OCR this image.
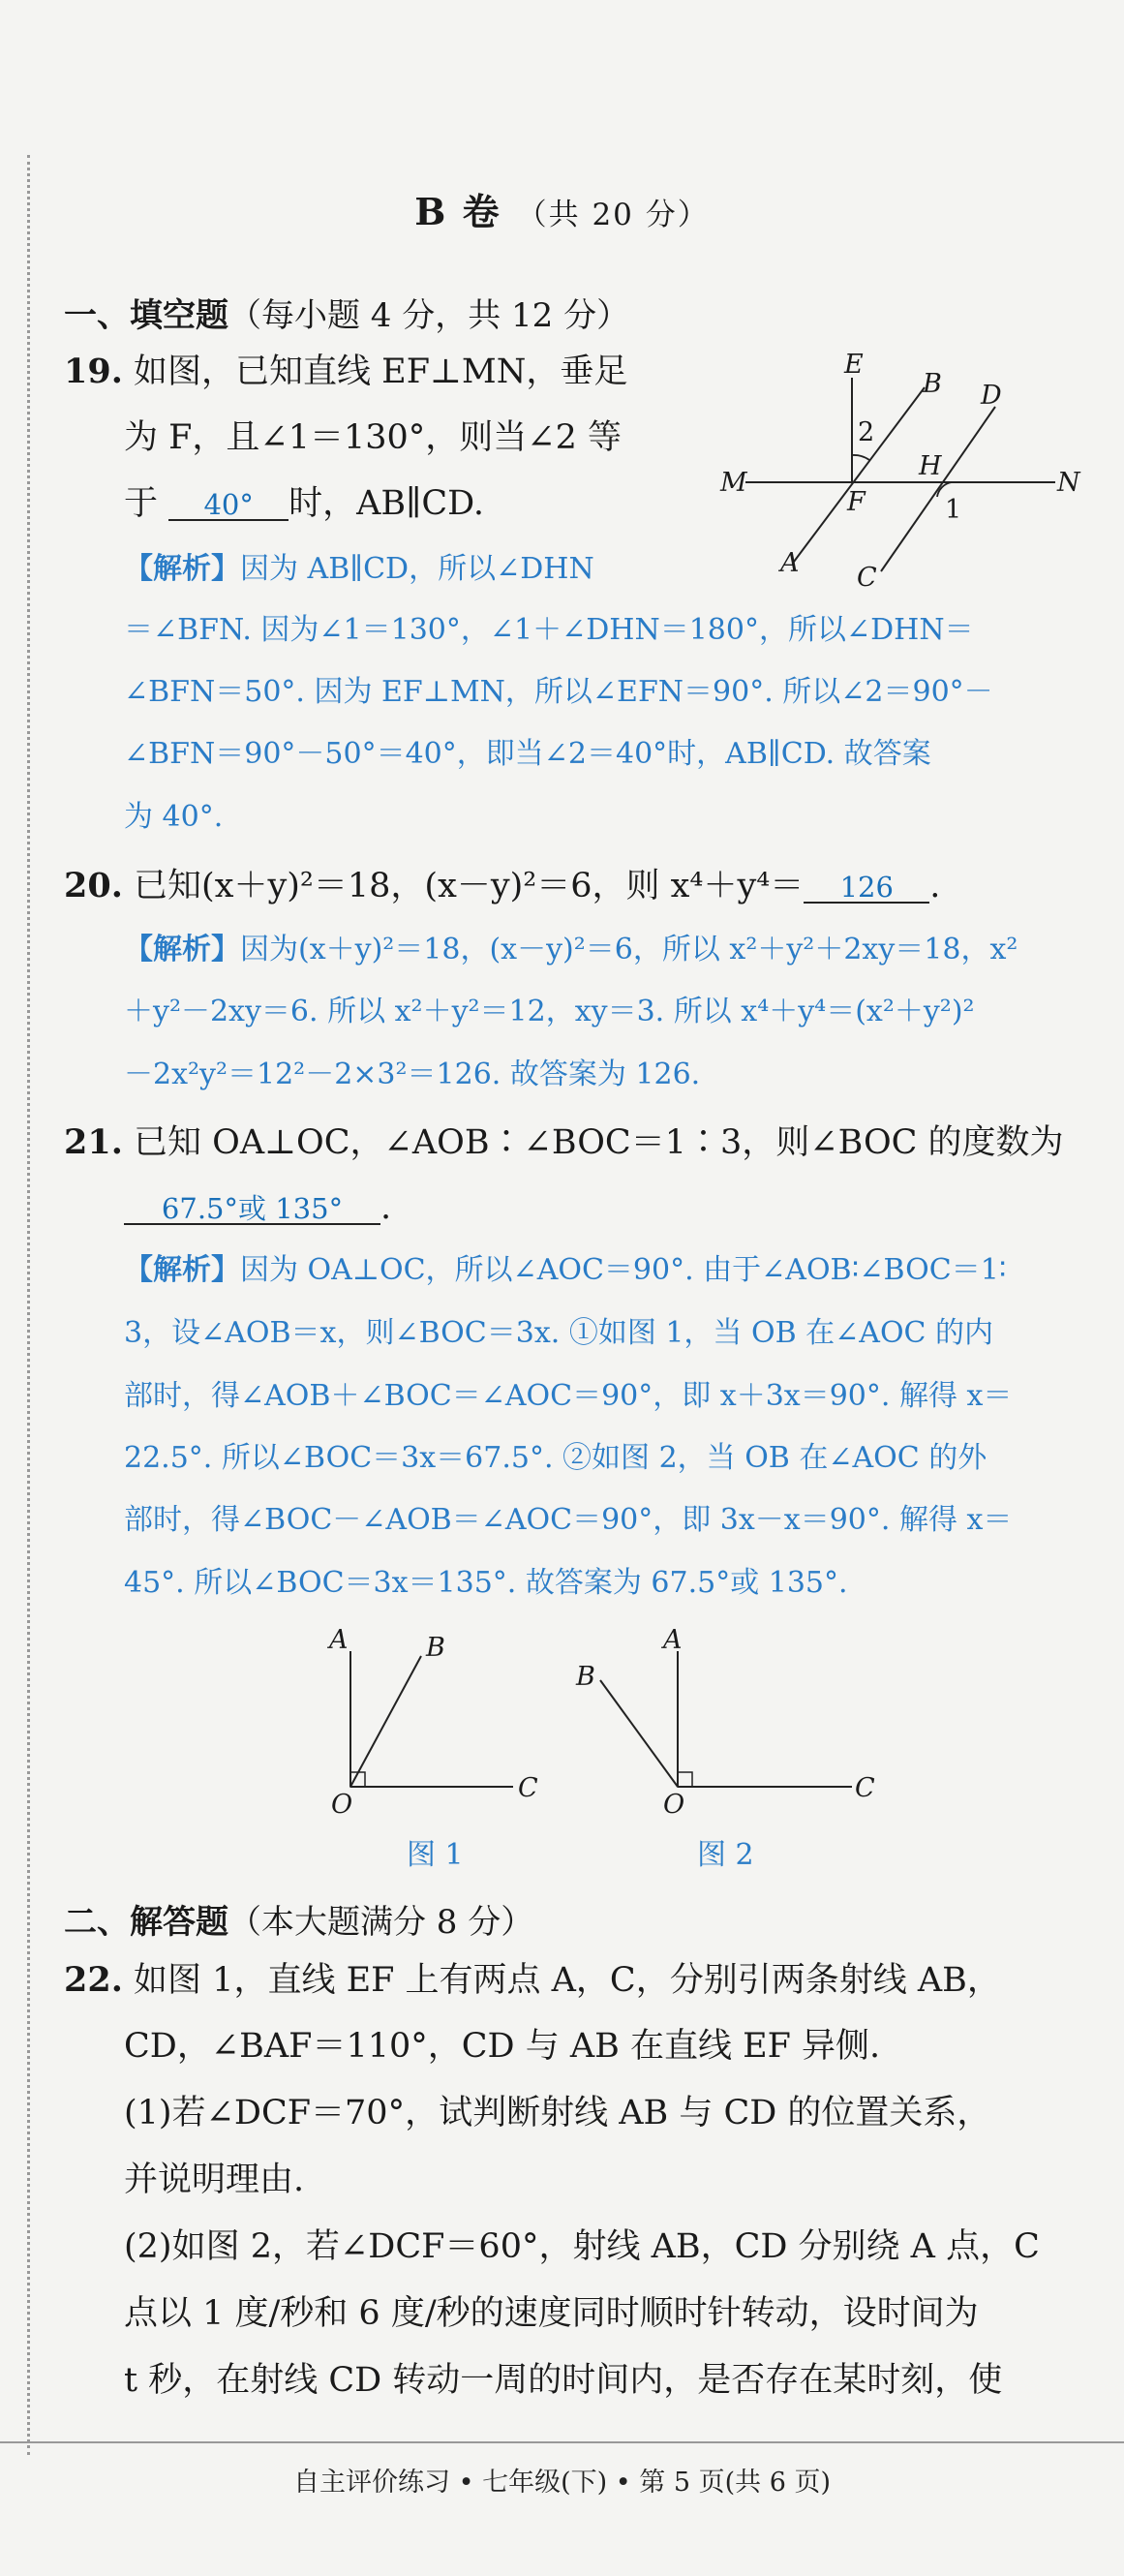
B 卷 （共 20 分）
一、填空题（每小题 4 分，共 12 分）
19. 如图，已知直线 EF⊥MN，垂足
为 F，且∠1＝130°，则当∠2 等
于 40° 时，AB∥CD.
E
B D
M	N
F
H
A C
2
1
【解析】因为 AB∥CD，所以∠DHN
＝∠BFN. 因为∠1＝130°，∠1＋∠DHN＝180°，所以∠DHN＝
∠BFN＝50°. 因为 EF⊥MN，所以∠EFN＝90°. 所以∠2＝90°－
∠BFN＝90°－50°＝40°，即当∠2＝40°时，AB∥CD. 故答案
为 40°.
20. 已知(x＋y)²＝18，(x－y)²＝6，则 x⁴＋y⁴＝ 126 .
【解析】因为(x＋y)²＝18，(x－y)²＝6，所以 x²＋y²＋2xy＝18，x²
＋y²－2xy＝6. 所以 x²＋y²＝12，xy＝3. 所以 x⁴＋y⁴＝(x²＋y²)²
－2x²y²＝12²－2×3²＝126. 故答案为 126.
21. 已知 OA⊥OC，∠AOB∶∠BOC＝1∶3，则∠BOC 的度数为
67.5°或 135° .
【解析】因为 OA⊥OC，所以∠AOC＝90°. 由于∠AOB∶∠BOC＝1∶
3，设∠AOB＝x，则∠BOC＝3x. ①如图 1，当 OB 在∠AOC 的内
部时，得∠AOB＋∠BOC＝∠AOC＝90°，即 x＋3x＝90°. 解得 x＝
22.5°. 所以∠BOC＝3x＝67.5°. ②如图 2，当 OB 在∠AOC 的外
部时，得∠BOC－∠AOB＝∠AOC＝90°，即 3x－x＝90°. 解得 x＝
45°. 所以∠BOC＝3x＝135°. 故答案为 67.5°或 135°.
A	B
O
C
图 1
A
B
O
C
图 2
二、解答题（本大题满分 8 分）
22. 如图 1，直线 EF 上有两点 A，C，分别引两条射线 AB，
CD，∠BAF＝110°，CD 与 AB 在直线 EF 异侧.
(1)若∠DCF＝70°，试判断射线 AB 与 CD 的位置关系，
并说明理由.
(2)如图 2，若∠DCF＝60°，射线 AB，CD 分别绕 A 点，C
点以 1 度/秒和 6 度/秒的速度同时顺时针转动，设时间为
t 秒，在射线 CD 转动一周的时间内，是否存在某时刻，使
自主评价练习 • 七年级(下) • 第 5 页(共 6 页)
